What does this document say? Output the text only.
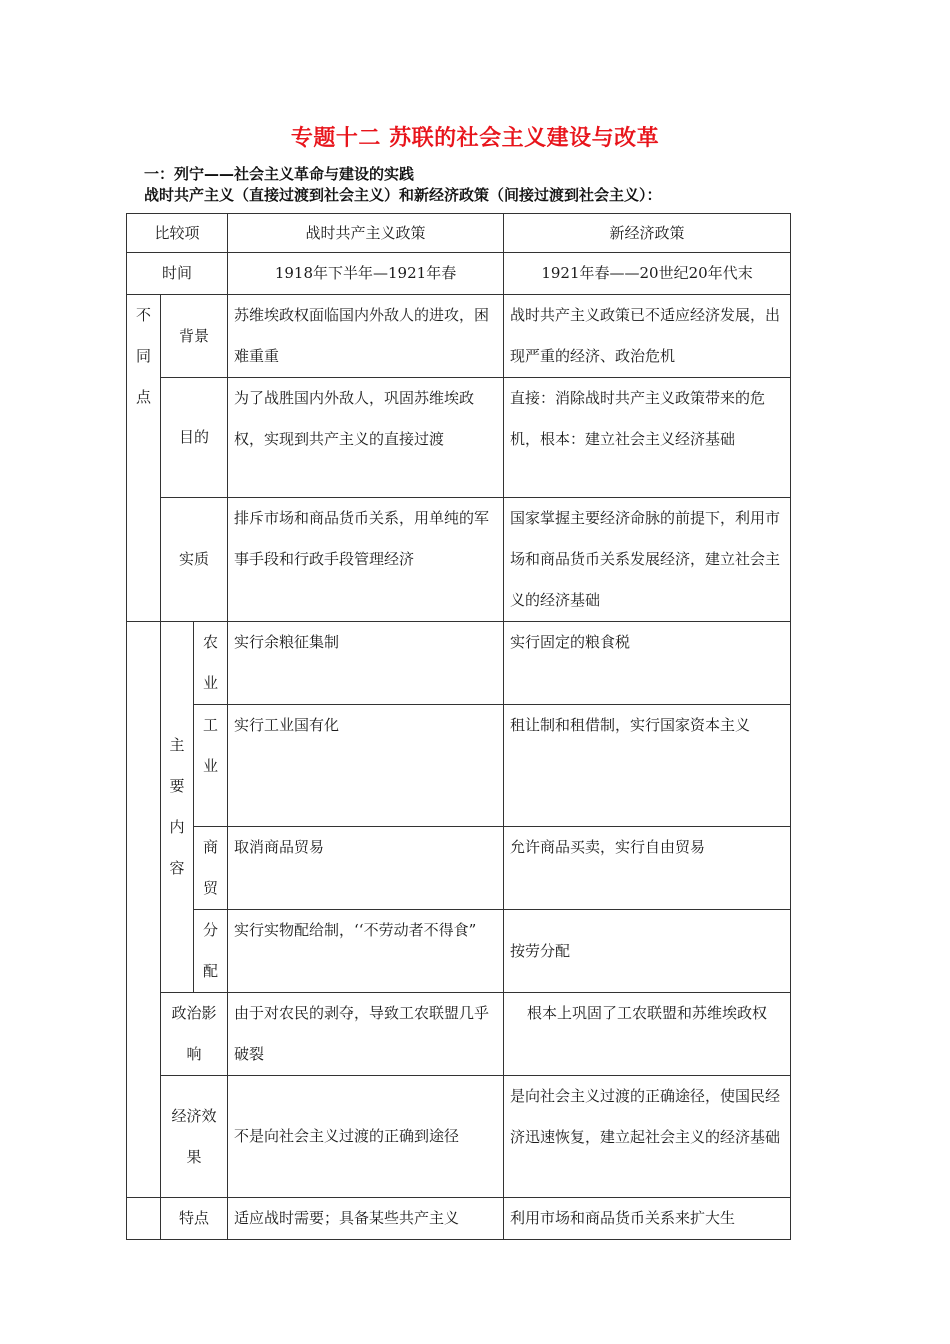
专题十二 苏联的社会主义建设与改革
一：列宁——社会主义革命与建设的实践
战时共产主义（直接过渡到社会主义）和新经济政策（间接过渡到社会主义）：
比较项			战时共产主义政策	新经济政策
时间			1918年下半年—1921年春	1921年春——20世纪20年代末

不同点	背景		苏维埃政权面临国内外敌人的进攻，困难重重	战时共产主义政策已不适应经济发展，出现严重的经济、政治危机
	目的		为了战胜国内外敌人，巩固苏维埃政权，实现到共产主义的直接过渡	直接：消除战时共产主义政策带来的危机，根本：建立社会主义经济基础
	实质		排斥市场和商品货币关系，用单纯的军事手段和行政手段管理经济	国家掌握主要经济命脉的前提下，利用市场和商品货币关系发展经济，建立社会主义的经济基础

	主要内容	农业	实行余粮征集制	实行固定的粮食税

		工业	实行工业国有化	租让制和租借制，实行国家资本主义

		商贸	取消商品贸易	允许商品买卖，实行自由贸易

		分配	实行实物配给制，‘‘不劳动者不得食”	按劳分配
	政治影响		由于对农民的剥夺，导致工农联盟几乎破裂	根本上巩固了工农联盟和苏维埃政权
	经济效果		不是向社会主义过渡的正确到途径	是向社会主义过渡的正确途径，使国民经济迅速恢复，建立起社会主义的经济基础
	特点		适应战时需要；具备某些共产主义	利用市场和商品货币关系来扩大生
